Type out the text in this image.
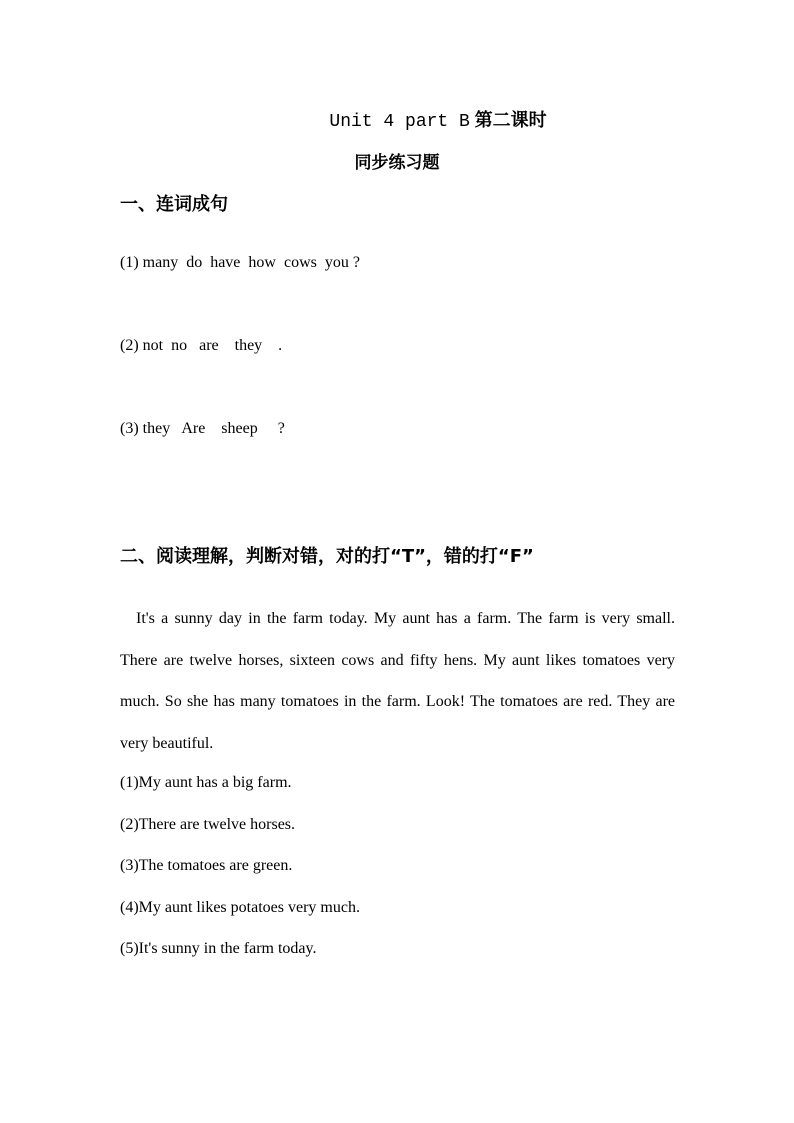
Unit 4 part B 第二课时
同步练习题
一、连词成句
(1) many  do  have  how  cows  you ?
(2) not  no   are    they    .
(3) they   Are    sheep     ?
二、阅读理解，判断对错，对的打“T”，错的打“F”
It's a sunny day in the farm today. My aunt has a farm. The farm is very small. There are twelve horses, sixteen cows and fifty hens. My aunt likes tomatoes very much. So she has many tomatoes in the farm. Look! The tomatoes are red. They are very beautiful.
(1)My aunt has a big farm.
(2)There are twelve horses.
(3)The tomatoes are green.
(4)My aunt likes potatoes very much.
(5)It's sunny in the farm today.
